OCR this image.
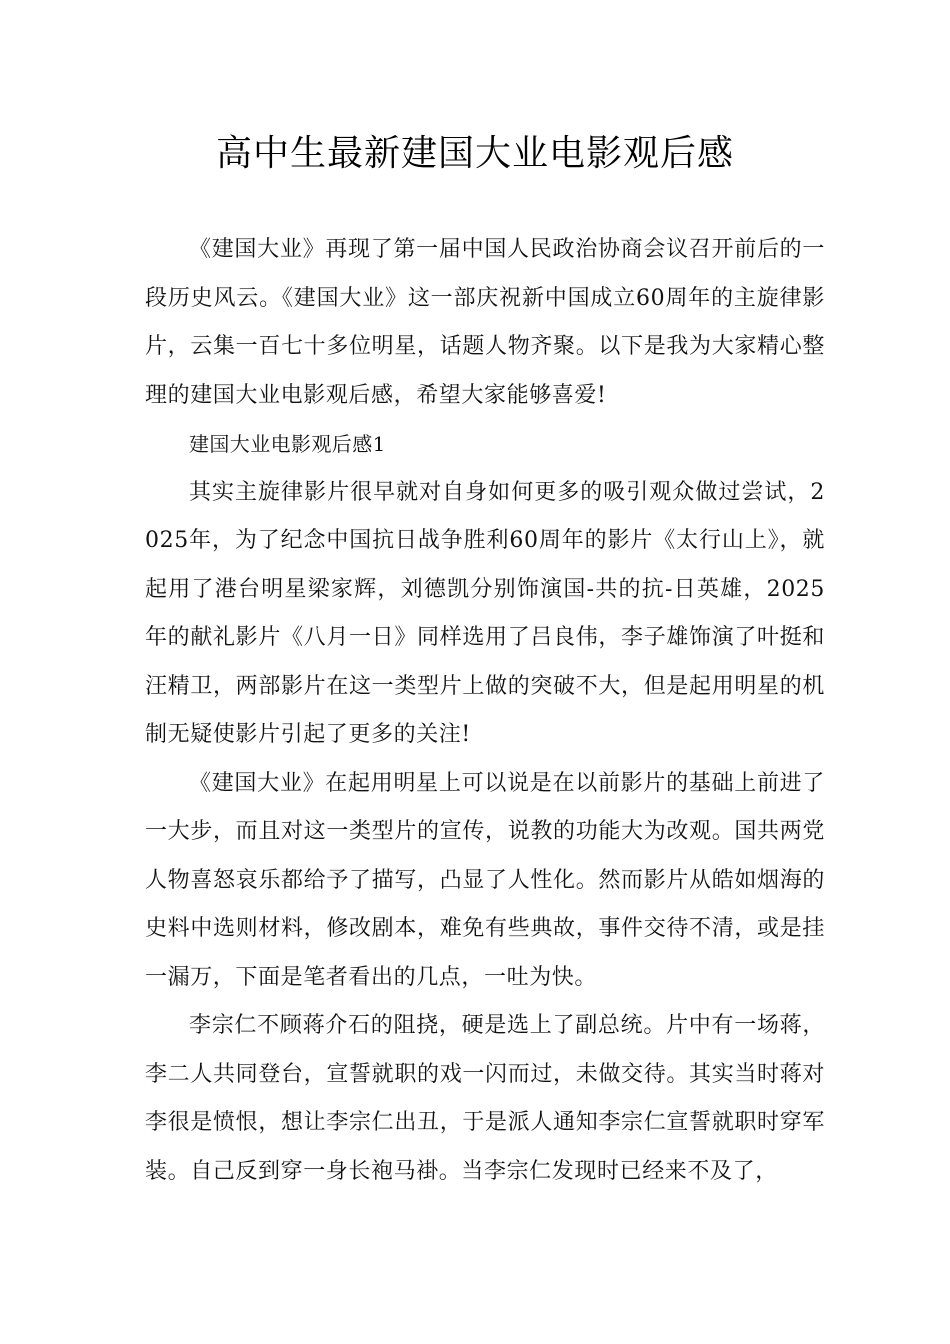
高中生最新建国大业电影观后感

《建国大业》再现了第一届中国人民政治协商会议召开前后的一段历史风云。《建国大业》这一部庆祝新中国成立60周年的主旋律影片，云集一百七十多位明星，话题人物齐聚。以下是我为大家精心整理的建国大业电影观后感，希望大家能够喜爱!

建国大业电影观后感1

其实主旋律影片很早就对自身如何更多的吸引观众做过尝试，2025年，为了纪念中国抗日战争胜利60周年的影片《太行山上》，就起用了港台明星梁家辉，刘德凯分别饰演国-共的抗-日英雄，2025年的献礼影片《八月一日》同样选用了吕良伟，李子雄饰演了叶挺和汪精卫，两部影片在这一类型片上做的突破不大，但是起用明星的机制无疑使影片引起了更多的关注!

《建国大业》在起用明星上可以说是在以前影片的基础上前进了一大步，而且对这一类型片的宣传，说教的功能大为改观。国共两党人物喜怒哀乐都给予了描写，凸显了人性化。然而影片从皓如烟海的史料中选则材料，修改剧本，难免有些典故，事件交待不清，或是挂一漏万，下面是笔者看出的几点，一吐为快。

李宗仁不顾蒋介石的阻挠，硬是选上了副总统。片中有一场蒋，李二人共同登台，宣誓就职的戏一闪而过，未做交待。其实当时蒋对李很是愤恨，想让李宗仁出丑，于是派人通知李宗仁宣誓就职时穿军装。自己反到穿一身长袍马褂。当李宗仁发现时已经来不及了，
